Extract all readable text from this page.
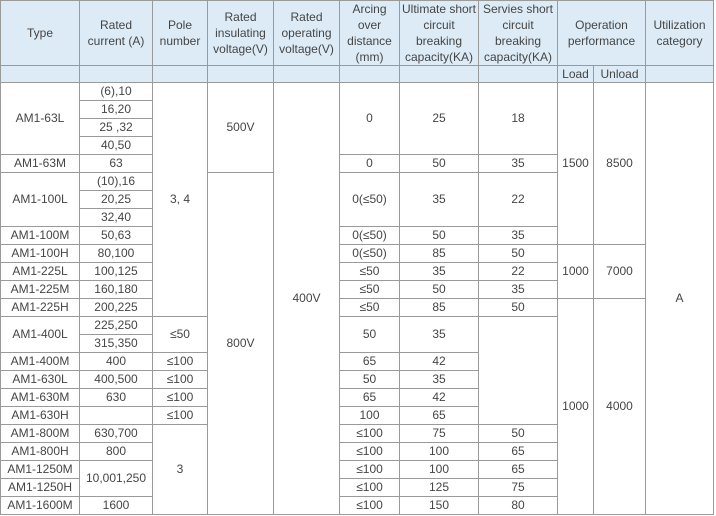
Type	Rated current (A)	Pole number	Rated insulating voltage(V)	Rated operating voltage(V)	Arcing over distance (mm)	Ultimate short circuit breaking capacity(KA)	Servies short circuit breaking capacity(KA)	Operation performance		Utilization category
								Load	Unload	
AM1-63L	(6),10	3, 4	500V	400V	0	25	18	1500	8500	A
	16,20									
	25 ,32									
	40,50									
AM1-63M	63				0	50	35			
AM1-100L	(10),16		800V		0(≤50)	35	22			
	20,25									
	32,40									
AM1-100M	50,63				0(≤50)	50	35			
AM1-100H	80,100				0(≤50)	85	50	1000	7000	
AM1-225L	100,125				≤50	35	22			
AM1-225M	160,180				≤50	50	35			
AM1-225H	200,225				≤50	85	50	1000	4000	
AM1-400L	225,250	≤50			50	35				
	315,350									
AM1-400M	400	≤100			65	42				
AM1-630L	400,500	≤100			50	35				
AM1-630M	630	≤100			65	42				
AM1-630H		≤100			100	65				
AM1-800M	630,700	3			≤100	75	50			
AM1-800H	800				≤100	100	65			
AM1-1250M	10,001,250				≤100	100	65			
AM1-1250H					≤100	125	75			
AM1-1600M	1600				≤100	150	80			
